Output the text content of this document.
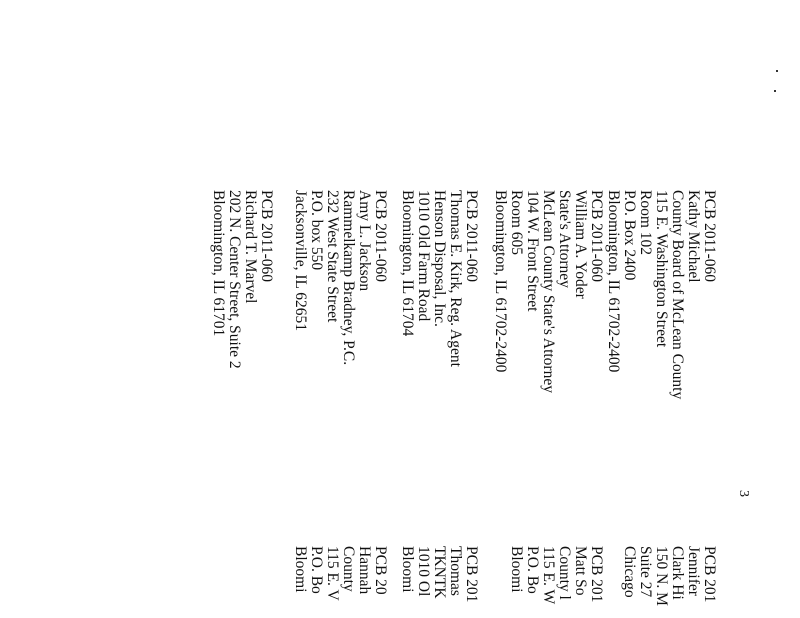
PCB 2011-060
Kathy Michael
County Board of McLean County
115 E. Washington Street
Room 102
P.O. Box 2400
Bloomington, IL 61702-2400
PCB 2011-060
William A. Yoder
State's Attorney
McLean County State's Attorney
104 W. Front Street
Room 605
Bloomington, IL 61702-2400
PCB 2011-060
Thomas E. Kirk, Reg. Agent
Henson Disposal, Inc.
1010 Old Farm Road
Bloomington, IL 61704
PCB 2011-060
Amy L. Jackson
Rammelkamp Bradney, P.C.
232 West State Street
P.O. box 550
Jacksonville, IL 62651
PCB 2011-060
Richard T. Marvel
202 N. Center Street, Suite 2
Bloomington, IL 61701
PCB 201
Jennifer
Clark Hi
150 N. M
Suite 27
Chicago
PCB 201
Matt So
County l
115 E. W
P.O. Bo
Bloomi
PCB 201
Thomas
TKNTK
1010 Ol
Bloomi
PCB 20
Hannah
County
115 E. V
P.O. Bo
Bloomi
3
